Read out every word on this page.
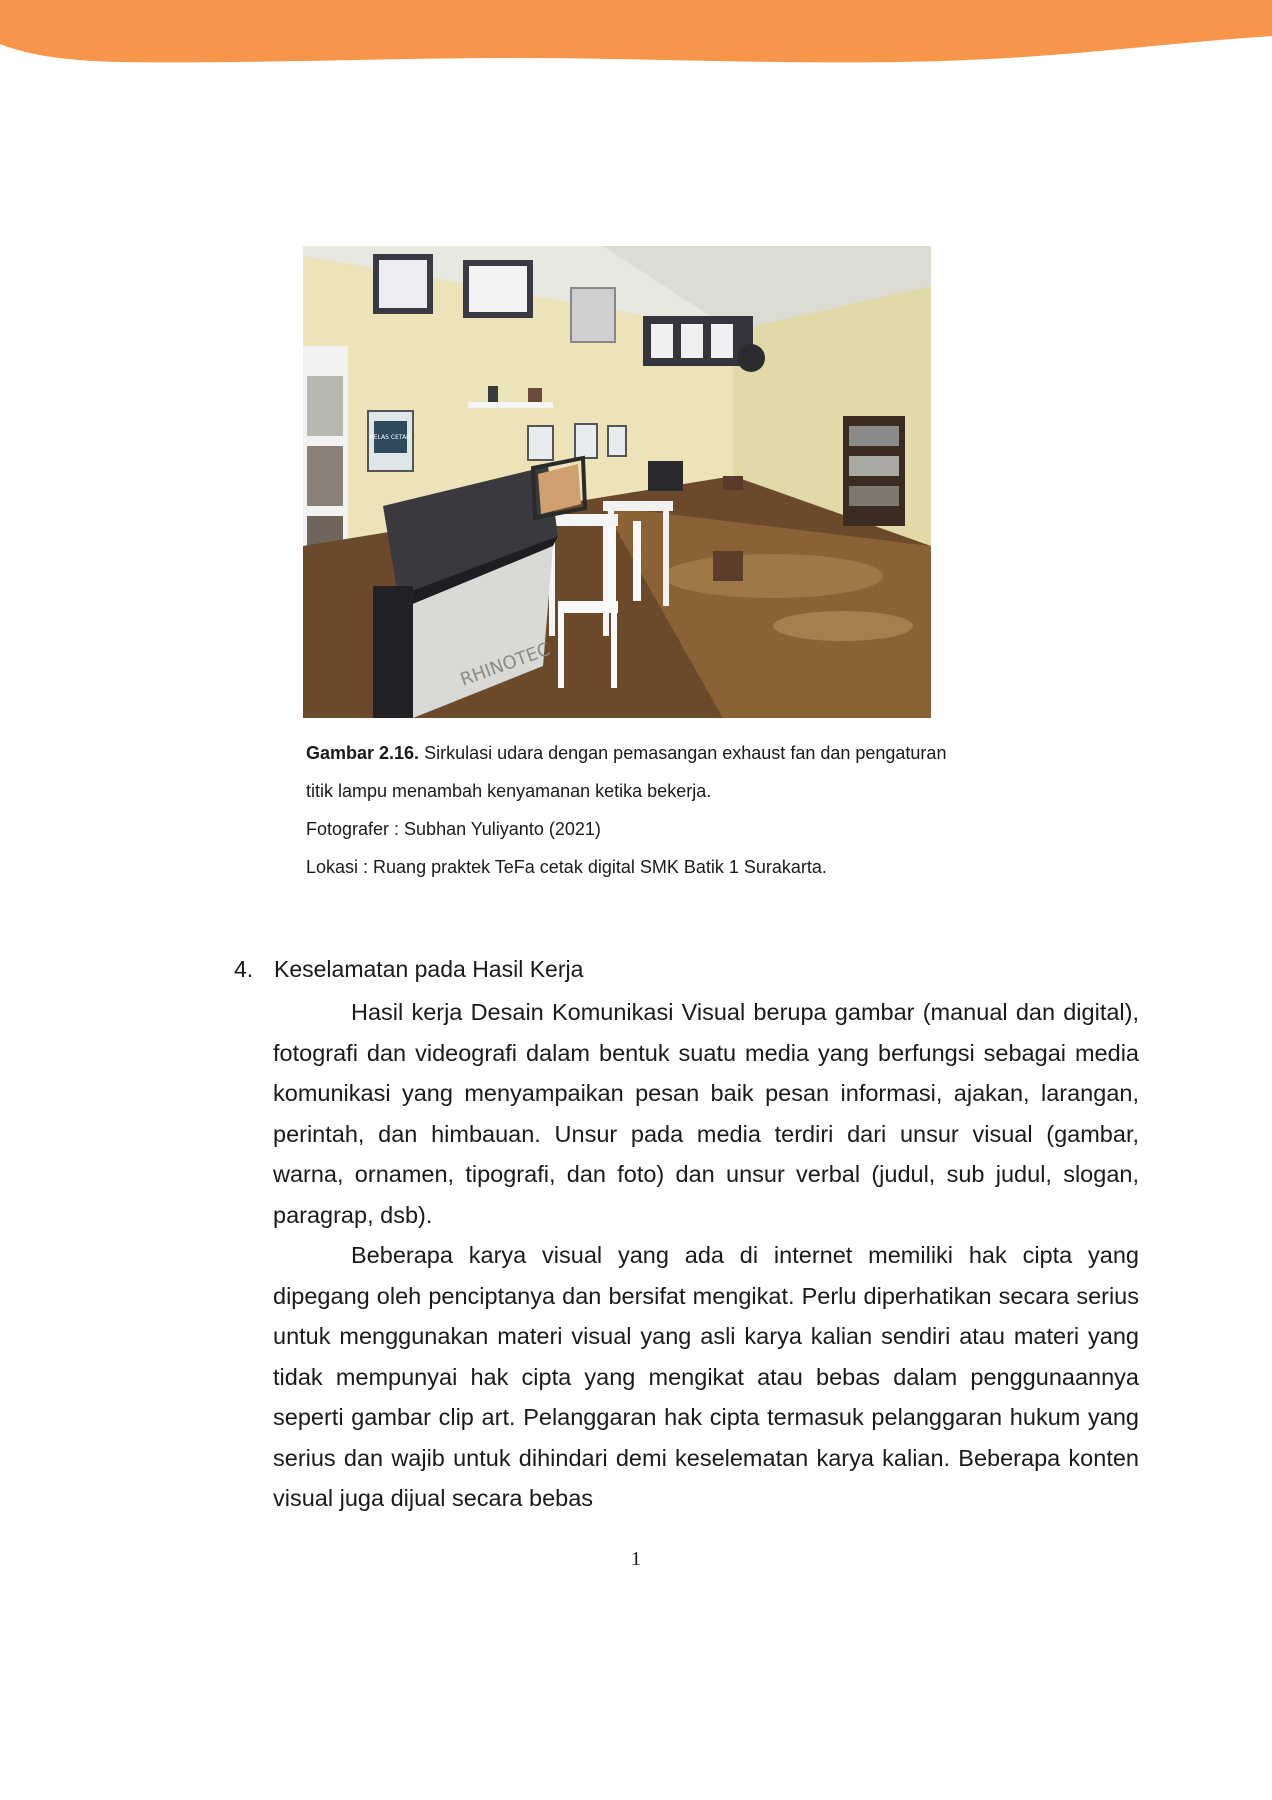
KELAS CETAK
RHINOTEC
Gambar 2.16. Sirkulasi udara dengan pemasangan exhaust fan dan pengaturan
titik lampu menambah kenyamanan ketika bekerja.
Fotografer : Subhan Yuliyanto (2021)
Lokasi : Ruang praktek TeFa cetak digital SMK Batik 1 Surakarta.
4. Keselamatan pada Hasil Kerja

Hasil kerja Desain Komunikasi Visual berupa gambar (manual dan digital), fotografi dan videografi dalam bentuk suatu media yang berfungsi sebagai media komunikasi yang menyampaikan pesan baik pesan informasi, ajakan, larangan, perintah, dan himbauan. Unsur pada media terdiri dari unsur visual (gambar, warna, ornamen, tipografi, dan foto) dan unsur verbal (judul, sub judul, slogan, paragrap, dsb).

Beberapa karya visual yang ada di internet memiliki hak cipta yang dipegang oleh penciptanya dan bersifat mengikat. Perlu diperhatikan secara serius untuk menggunakan materi visual yang asli karya kalian sendiri atau materi yang tidak mempunyai hak cipta yang mengikat atau bebas dalam penggunaannya seperti gambar clip art. Pelanggaran hak cipta termasuk pelanggaran hukum yang serius dan wajib untuk dihindari demi keselematan karya kalian. Beberapa konten visual juga dijual secara bebas

1
